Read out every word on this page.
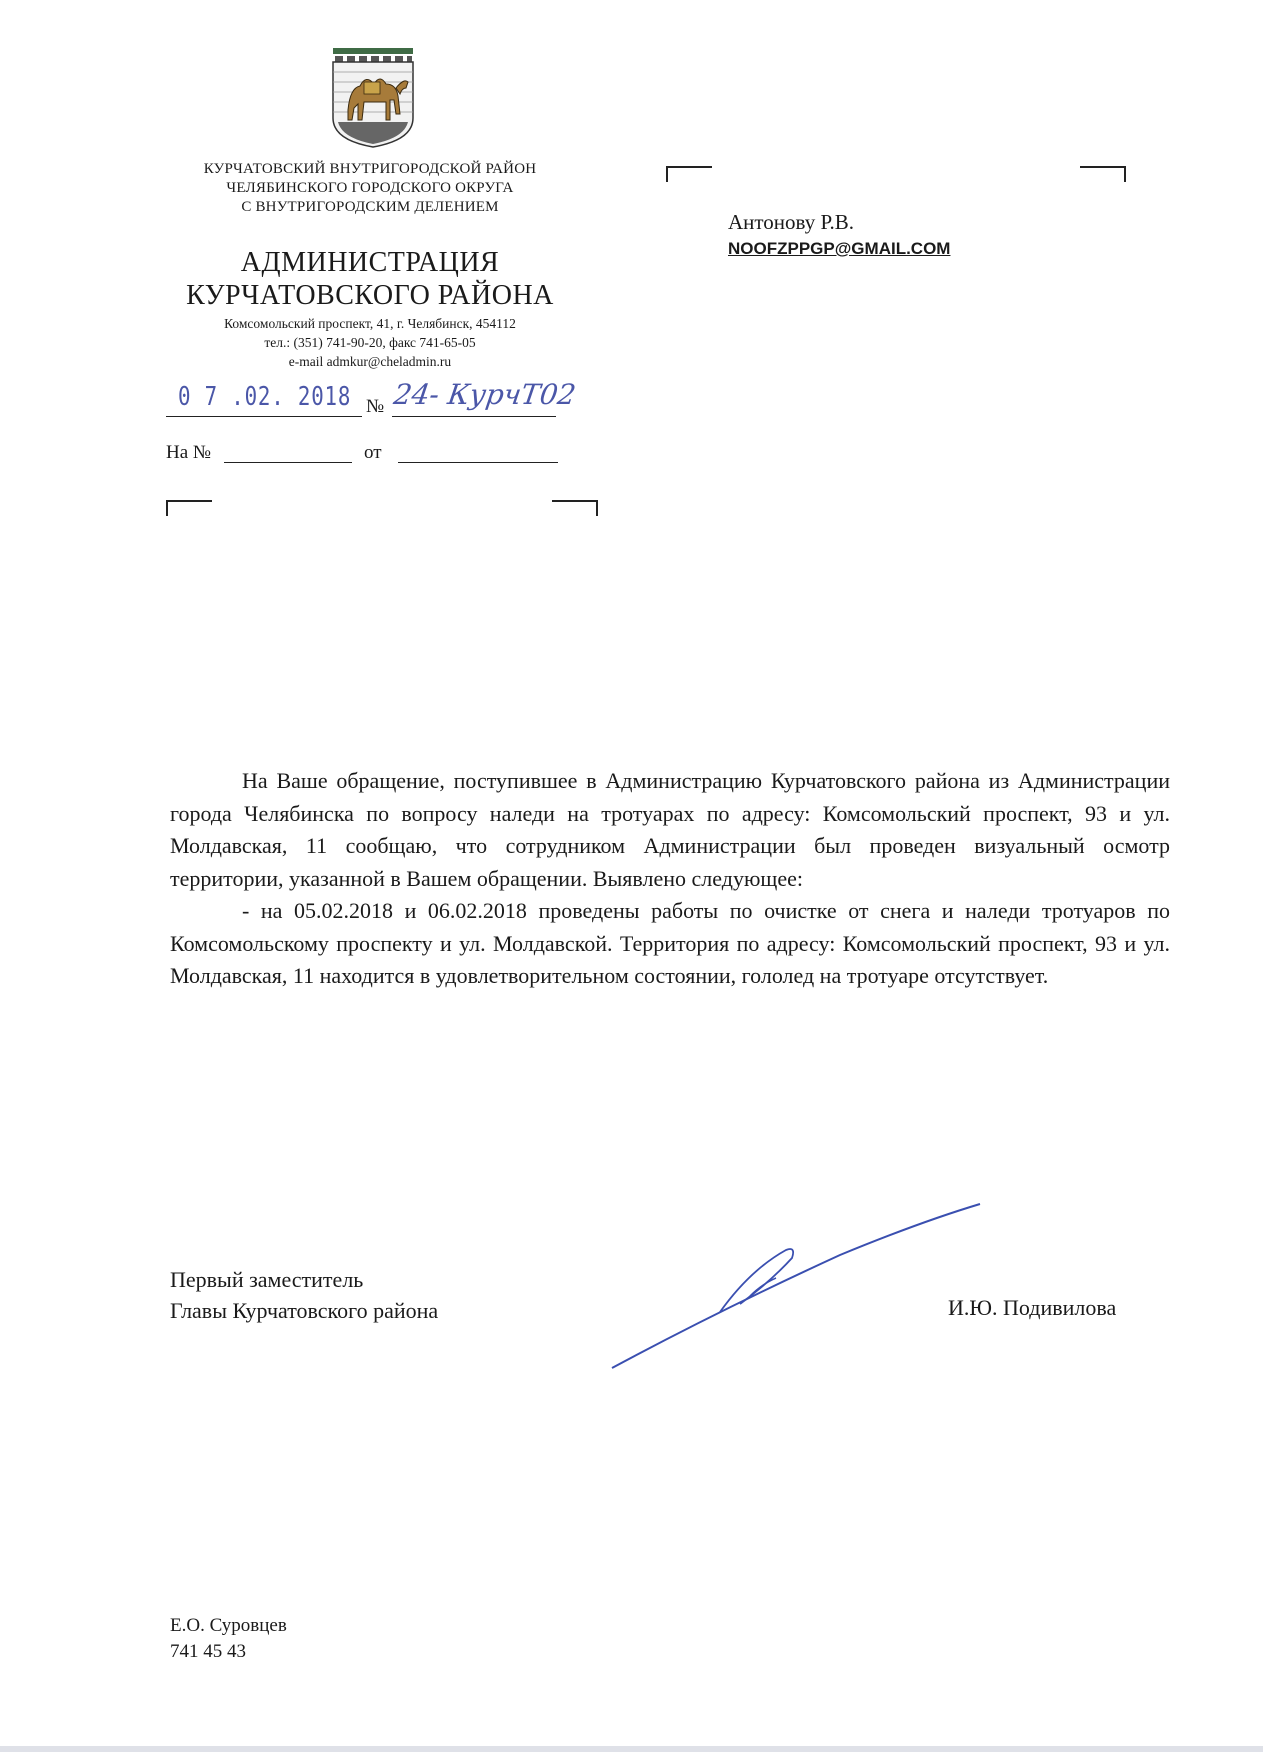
КУРЧАТОВСКИЙ ВНУТРИГОРОДСКОЙ РАЙОН
ЧЕЛЯБИНСКОГО ГОРОДСКОГО ОКРУГА
С ВНУТРИГОРОДСКИМ ДЕЛЕНИЕМ
АДМИНИСТРАЦИЯ
КУРЧАТОВСКОГО РАЙОНА
Комсомольский проспект, 41, г. Челябинск, 454112
тел.: (351) 741-90-20, факс 741-65-05
e-mail admkur@cheladmin.ru
0 7 .02. 2018 № 24- КурчТ02
На №	от
Антонову Р.В.
NOOFZPPGP@GMAIL.COM

На Ваше обращение, поступившее в Администрацию Курчатовского района из Администрации города Челябинска по вопросу наледи на тротуарах по адресу: Комсомольский проспект, 93 и ул. Молдавская, 11 сообщаю, что сотрудником Администрации был проведен визуальный осмотр территории, указанной в Вашем обращении. Выявлено следующее:

- на 05.02.2018 и 06.02.2018 проведены работы по очистке от снега и наледи тротуаров по Комсомольскому проспекту и ул. Молдавской. Территория по адресу: Комсомольский проспект, 93 и ул. Молдавская, 11 находится в удовлетворительном состоянии, гололед на тротуаре отсутствует.

Первый заместитель
Главы Курчатовского района	И.Ю. Подивилова
Е.О. Суровцев
741 45 43
